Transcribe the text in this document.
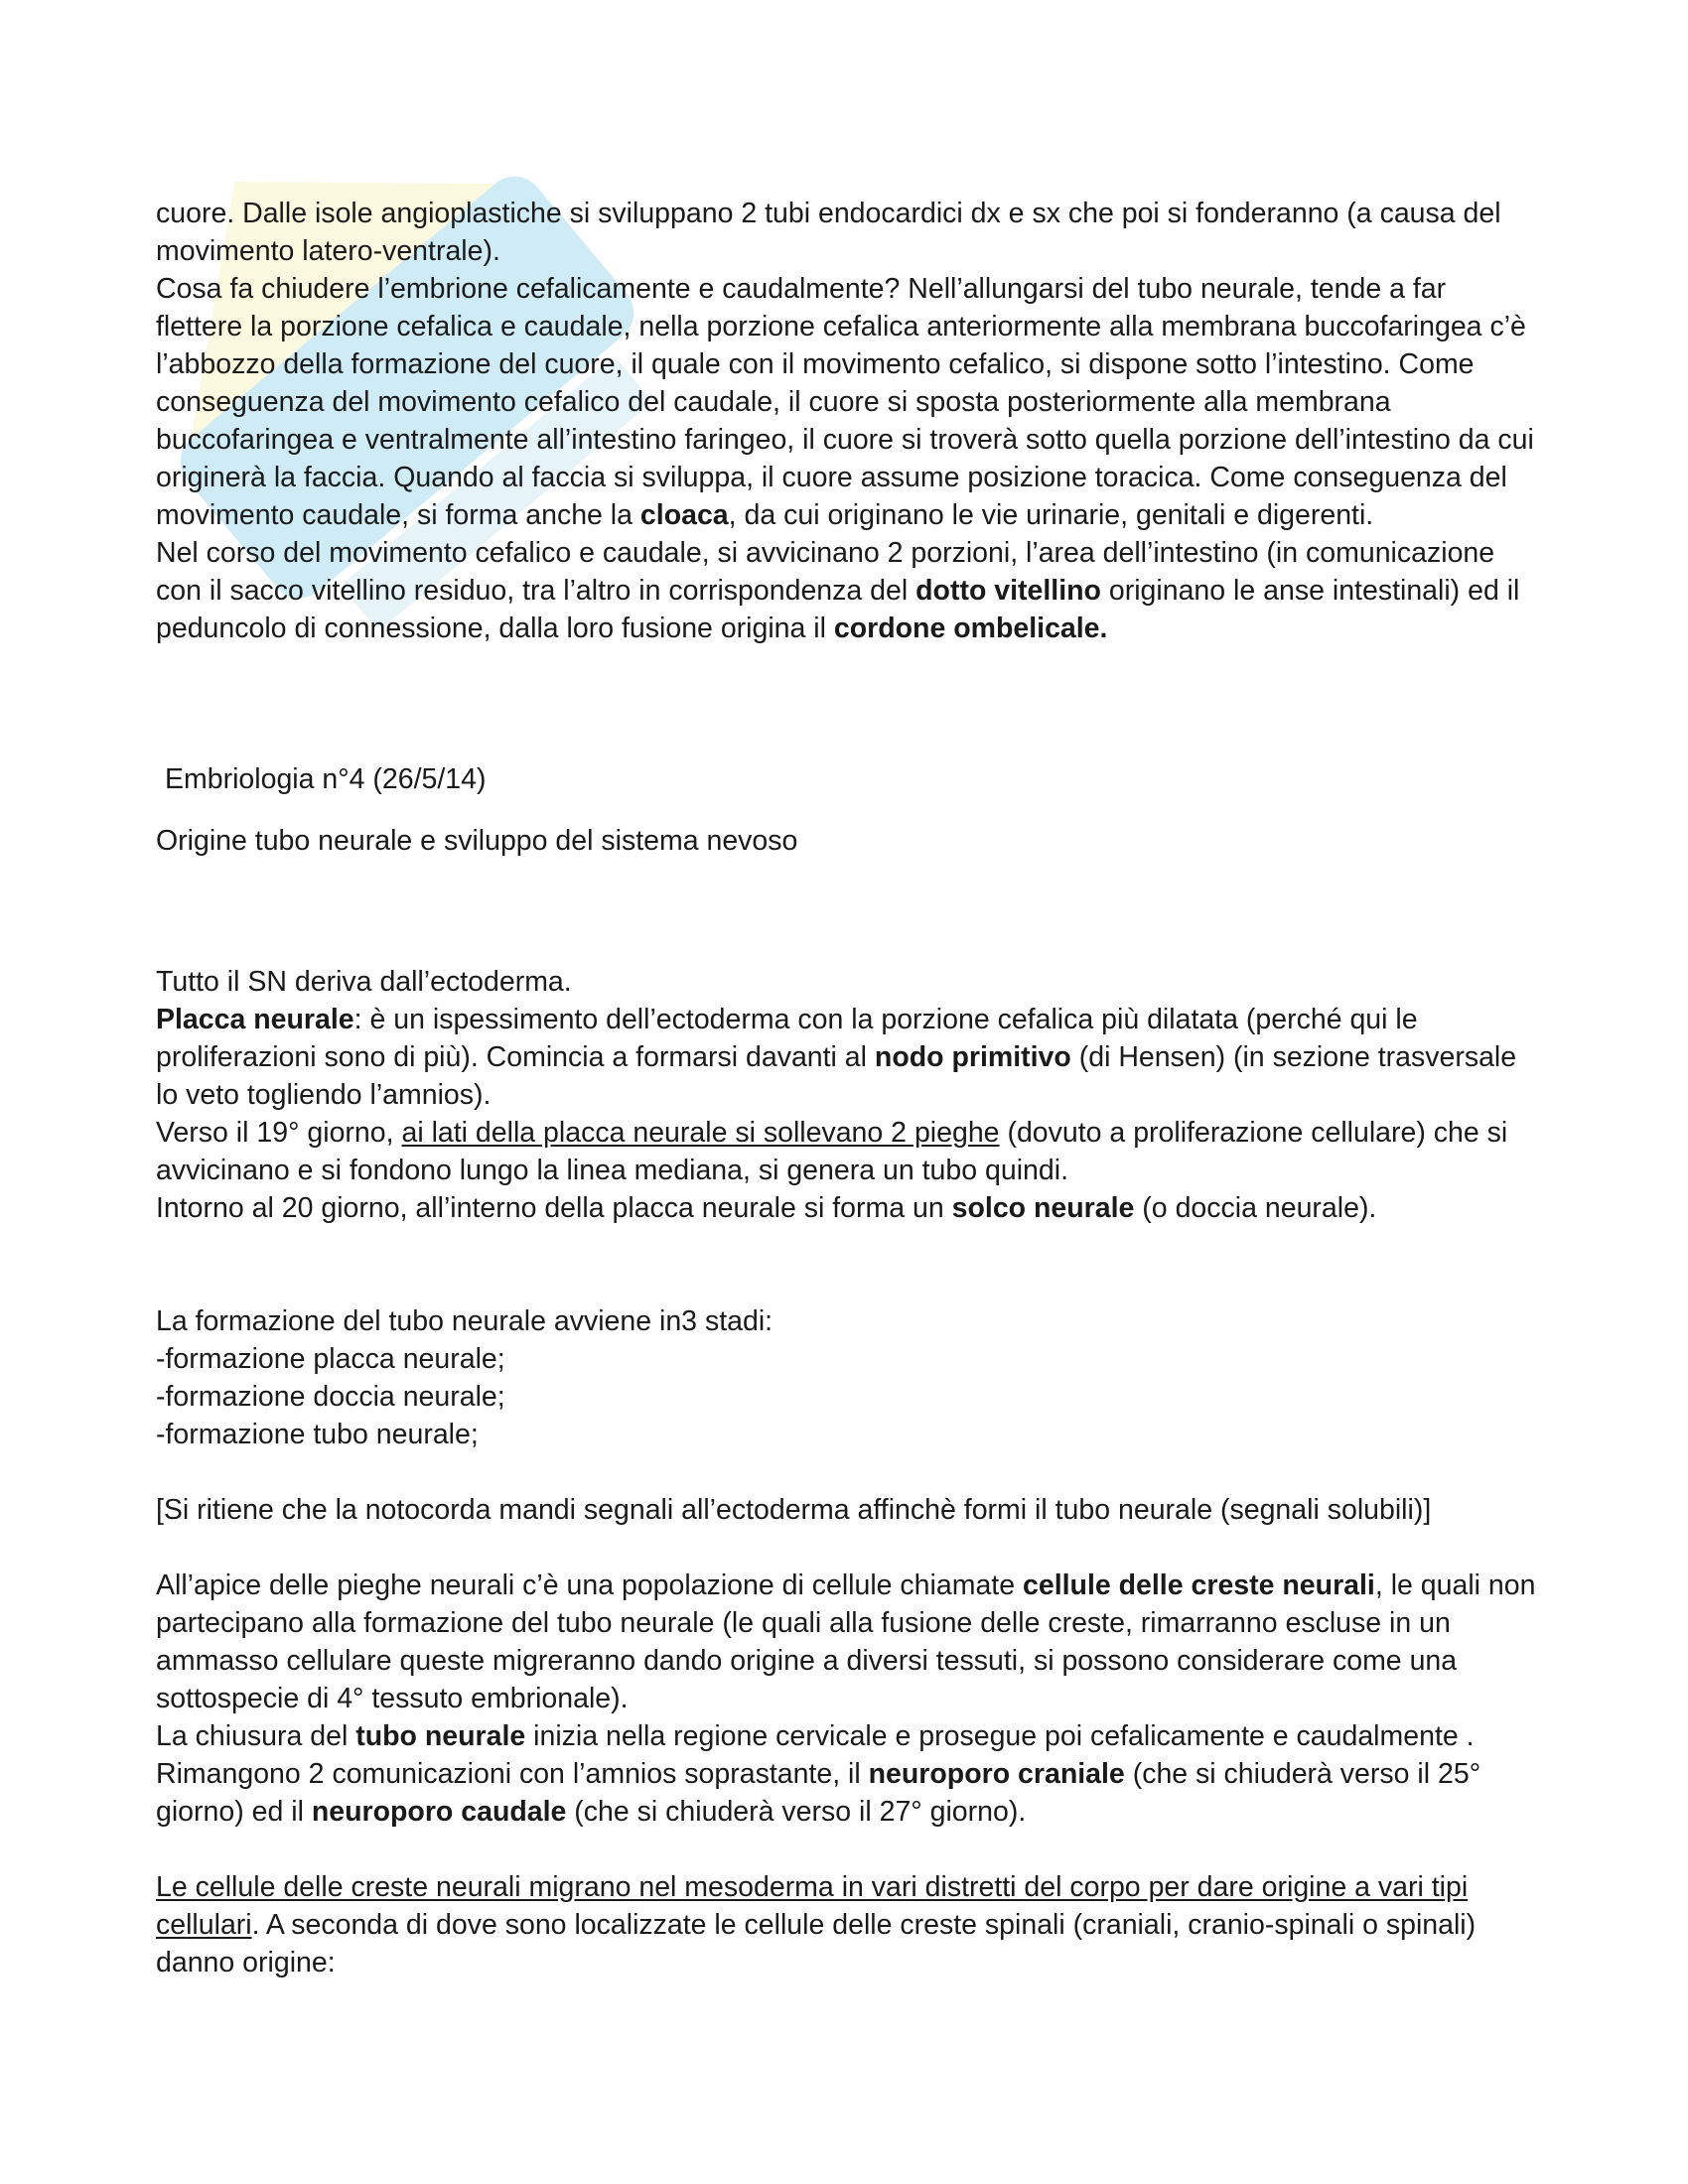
cuore. Dalle isole angioplastiche si sviluppano 2 tubi endocardici dx e sx che poi si fonderanno (a causa del movimento latero-ventrale).

Cosa fa chiudere l’embrione cefalicamente e caudalmente? Nell’allungarsi del tubo neurale, tende a far flettere la porzione cefalica e caudale, nella porzione cefalica anteriormente alla membrana buccofaringea c’è l’abbozzo della formazione del cuore, il quale con il movimento cefalico, si dispone sotto l’intestino. Come conseguenza del movimento cefalico del caudale, il cuore si sposta posteriormente alla membrana buccofaringea e ventralmente all’intestino faringeo, il cuore si troverà sotto quella porzione dell’intestino da cui originerà la faccia. Quando al faccia si sviluppa, il cuore assume posizione toracica. Come conseguenza del movimento caudale, si forma anche la cloaca, da cui originano le vie urinarie, genitali e digerenti.

Nel corso del movimento cefalico e caudale, si avvicinano 2 porzioni, l’area dell’intestino (in comunicazione con il sacco vitellino residuo, tra l’altro in corrispondenza del dotto vitellino originano le anse intestinali) ed il peduncolo di connessione, dalla loro fusione origina il cordone ombelicale.

Embriologia n°4 (26/5/14)

Origine tubo neurale e sviluppo del sistema nevoso

Tutto il SN deriva dall’ectoderma.

Placca neurale: è un ispessimento dell’ectoderma con la porzione cefalica più dilatata (perché qui le proliferazioni sono di più). Comincia a formarsi davanti al nodo primitivo (di Hensen) (in sezione trasversale lo veto togliendo l’amnios).

Verso il 19° giorno, ai lati della placca neurale si sollevano 2 pieghe (dovuto a proliferazione cellulare) che si avvicinano e si fondono lungo la linea mediana, si genera un tubo quindi.

Intorno al 20 giorno, all’interno della placca neurale si forma un solco neurale (o doccia neurale).

La formazione del tubo neurale avviene in3 stadi:

-formazione placca neurale;

-formazione doccia neurale;

-formazione tubo neurale;

[Si ritiene che la notocorda mandi segnali all’ectoderma affinchè formi il tubo neurale (segnali solubili)]

All’apice delle pieghe neurali c’è una popolazione di cellule chiamate cellule delle creste neurali, le quali non partecipano alla formazione del tubo neurale (le quali alla fusione delle creste, rimarranno escluse in un ammasso cellulare queste migreranno dando origine a diversi tessuti, si possono considerare come una sottospecie di 4° tessuto embrionale).

La chiusura del tubo neurale inizia nella regione cervicale e prosegue poi cefalicamente e caudalmente .

Rimangono 2 comunicazioni con l’amnios soprastante, il neuroporo craniale (che si chiuderà verso il 25° giorno) ed il neuroporo caudale (che si chiuderà verso il 27° giorno).

Le cellule delle creste neurali migrano nel mesoderma in vari distretti del corpo per dare origine a vari tipi cellulari. A seconda di dove sono localizzate le cellule delle creste spinali (craniali, cranio-spinali o spinali) danno origine:
